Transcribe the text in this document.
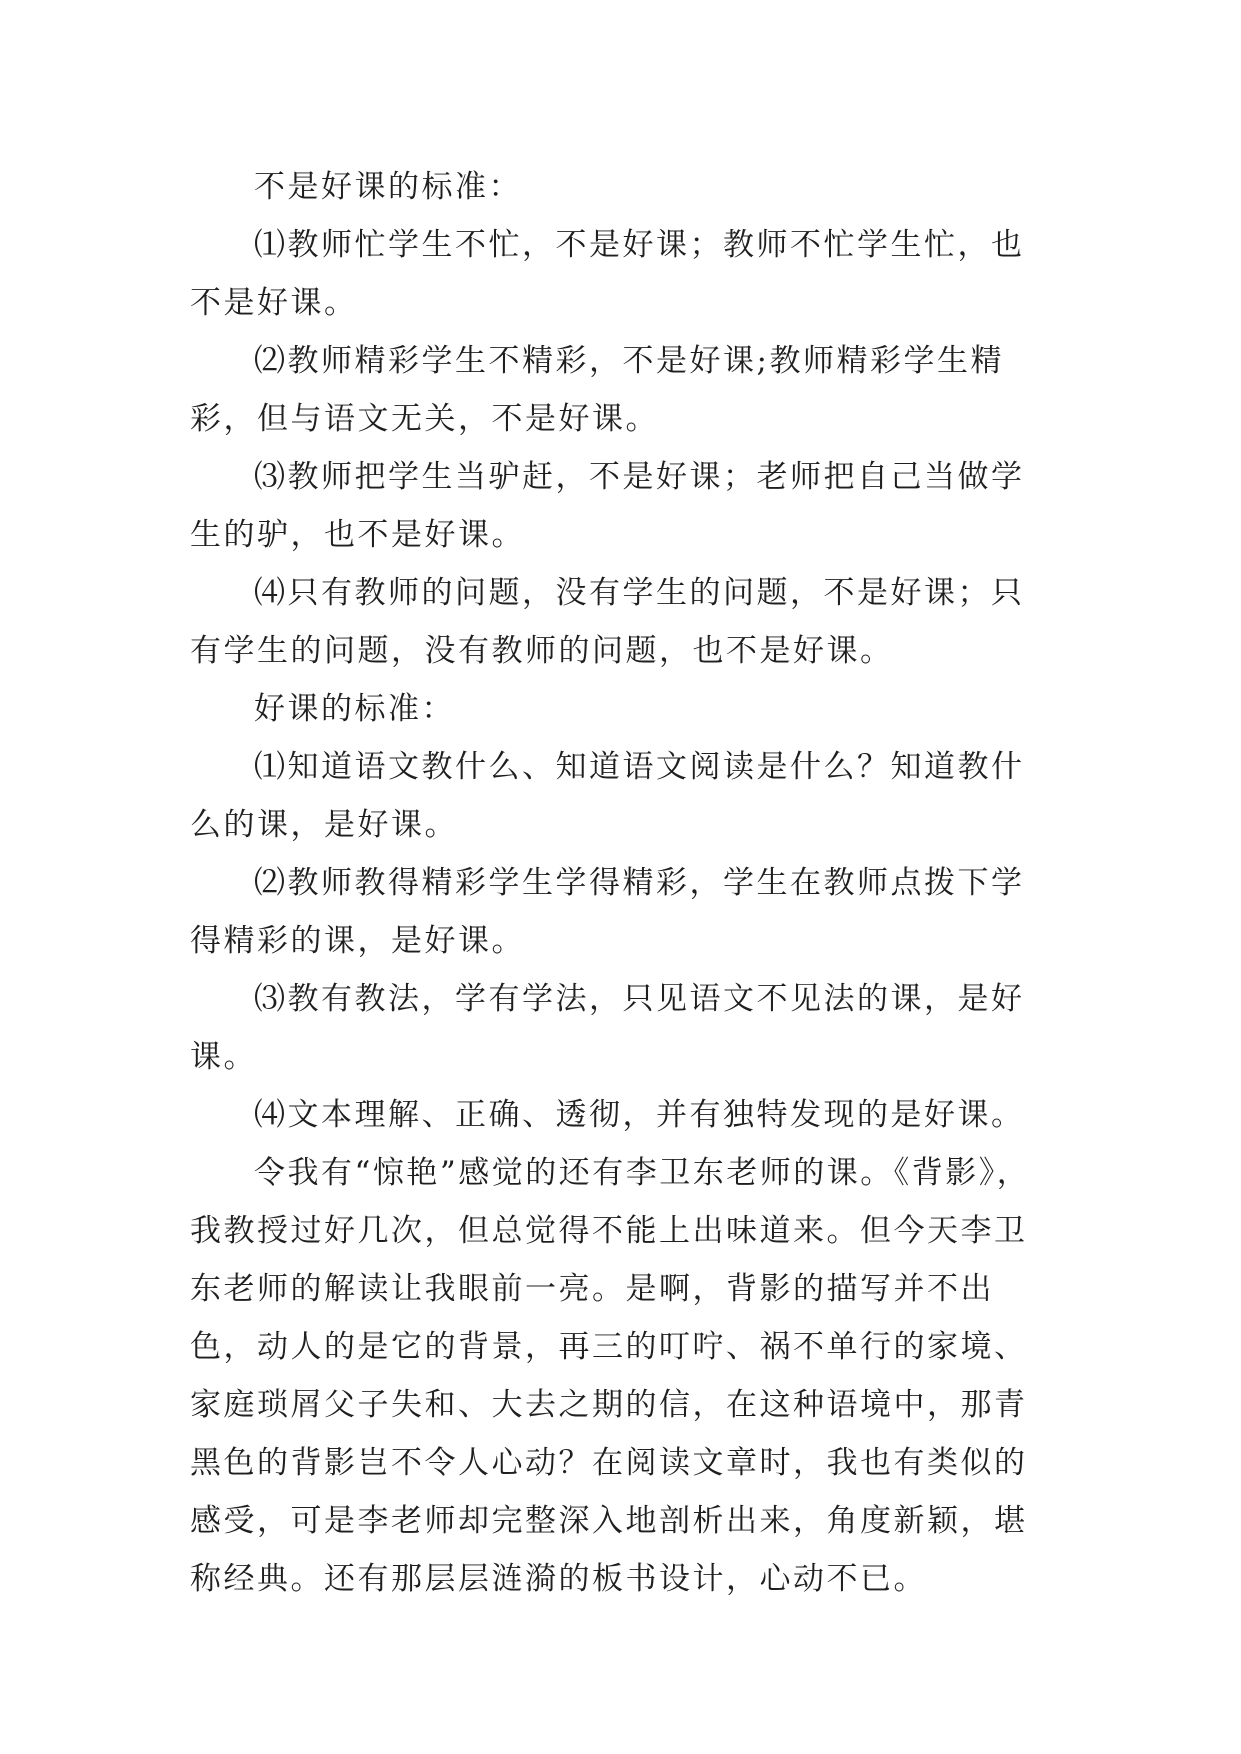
不是好课的标准：

⑴教师忙学生不忙，不是好课；教师不忙学生忙，也不是好课。

⑵教师精彩学生不精彩，不是好课;教师精彩学生精彩，但与语文无关，不是好课。

⑶教师把学生当驴赶，不是好课；老师把自己当做学生的驴，也不是好课。

⑷只有教师的问题，没有学生的问题，不是好课；只有学生的问题，没有教师的问题，也不是好课。

好课的标准：

⑴知道语文教什么、知道语文阅读是什么？知道教什么的课，是好课。

⑵教师教得精彩学生学得精彩，学生在教师点拨下学得精彩的课，是好课。

⑶教有教法，学有学法，只见语文不见法的课，是好课。

⑷文本理解、正确、透彻，并有独特发现的是好课。

令我有“惊艳”感觉的还有李卫东老师的课。《背影》，我教授过好几次，但总觉得不能上出味道来。但今天李卫东老师的解读让我眼前一亮。是啊，背影的描写并不出色，动人的是它的背景，再三的叮咛、祸不单行的家境、家庭琐屑父子失和、大去之期的信，在这种语境中，那青黑色的背影岂不令人心动？在阅读文章时，我也有类似的感受，可是李老师却完整深入地剖析出来，角度新颖，堪称经典。还有那层层涟漪的板书设计，心动不已。
